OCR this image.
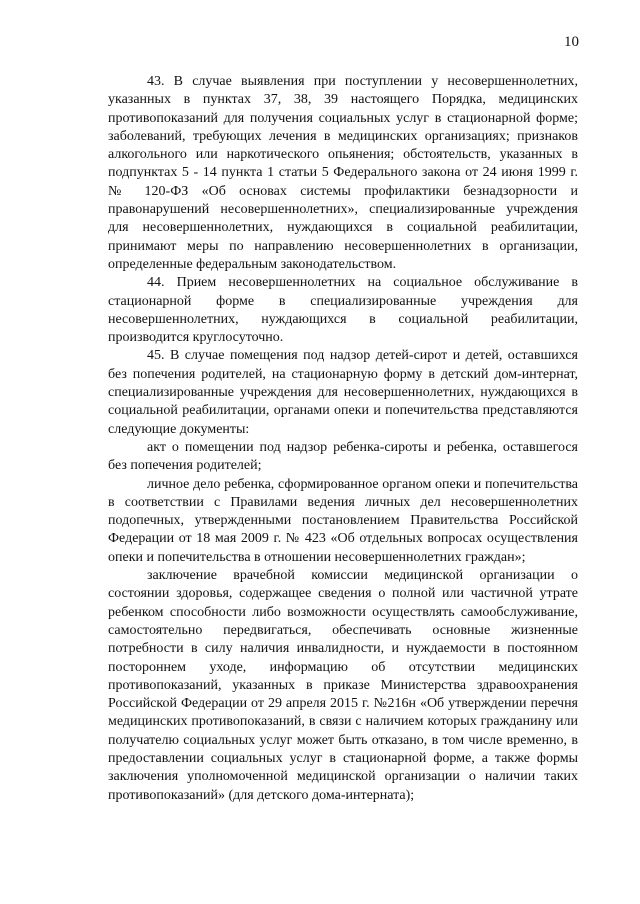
10

43. В случае выявления при поступлении у несовершеннолетних, указанных в пунктах 37, 38, 39 настоящего Порядка, медицинских противопоказаний для получения социальных услуг в стационарной форме; заболеваний, требующих лечения в медицинских организациях; признаков алкогольного или наркотического опьянения; обстоятельств, указанных в подпунктах 5 - 14 пункта 1 статьи 5 Федерального закона от 24 июня 1999 г. № 120-ФЗ «Об основах системы профилактики безнадзорности и правонарушений несовершеннолетних», специализированные учреждения для несовершеннолетних, нуждающихся в социальной реабилитации, принимают меры по направлению несовершеннолетних в организации, определенные федеральным законодательством.

44. Прием несовершеннолетних на социальное обслуживание в стационарной форме в специализированные учреждения для несовершеннолетних, нуждающихся в социальной реабилитации, производится круглосуточно.

45. В случае помещения под надзор детей-сирот и детей, оставшихся без попечения родителей, на стационарную форму в детский дом-интернат, специализированные учреждения для несовершеннолетних, нуждающихся в социальной реабилитации, органами опеки и попечительства представляются следующие документы:

акт о помещении под надзор ребенка-сироты и ребенка, оставшегося без попечения родителей;

личное дело ребенка, сформированное органом опеки и попечительства в соответствии с Правилами ведения личных дел несовершеннолетних подопечных, утвержденными постановлением Правительства Российской Федерации от 18 мая 2009 г. № 423 «Об отдельных вопросах осуществления опеки и попечительства в отношении несовершеннолетних граждан»;

заключение врачебной комиссии медицинской организации о состоянии здоровья, содержащее сведения о полной или частичной утрате ребенком способности либо возможности осуществлять самообслуживание, самостоятельно передвигаться, обеспечивать основные жизненные потребности в силу наличия инвалидности, и нуждаемости в постоянном постороннем уходе, информацию об отсутствии медицинских противопоказаний, указанных в приказе Министерства здравоохранения Российской Федерации от 29 апреля 2015 г. №216н «Об утверждении перечня медицинских противопоказаний, в связи с наличием которых гражданину или получателю социальных услуг может быть отказано, в том числе временно, в предоставлении социальных услуг в стационарной форме, а также формы заключения уполномоченной медицинской организации о наличии таких противопоказаний» (для детского дома-интерната);
